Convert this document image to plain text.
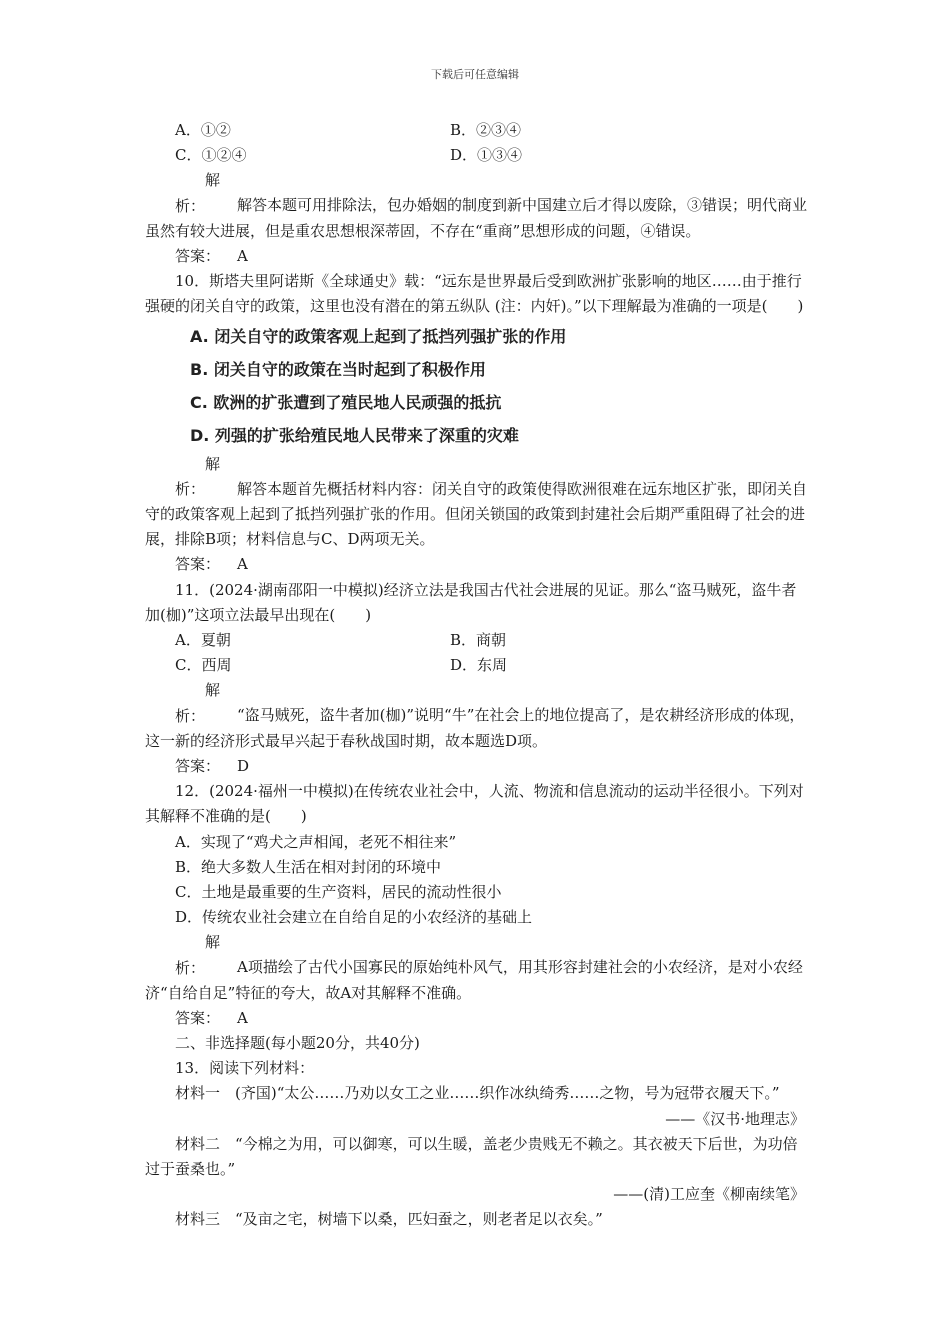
下载后可任意编辑
A．①②	B．②③④
C．①②④	D．①③④
解析： 解答本题可用排除法，包办婚姻的制度到新中国建立后才得以废除，③错误；明代商业虽然有较大进展，但是重农思想根深蒂固，不存在“重商”思想形成的问题，④错误。
答案： A
10．斯塔夫里阿诺斯《全球通史》载：“远东是世界最后受到欧洲扩张影响的地区……由于推行强硬的闭关自守的政策，这里也没有潜在的第五纵队 (注：内奸)。”以下理解最为准确的一项是(　　)
A. 闭关自守的政策客观上起到了抵挡列强扩张的作用
B. 闭关自守的政策在当时起到了积极作用
C. 欧洲的扩张遭到了殖民地人民顽强的抵抗
D. 列强的扩张给殖民地人民带来了深重的灾难
解析： 解答本题首先概括材料内容：闭关自守的政策使得欧洲很难在远东地区扩张，即闭关自守的政策客观上起到了抵挡列强扩张的作用。但闭关锁国的政策到封建社会后期严重阻碍了社会的进展，排除B项；材料信息与C、D两项无关。
答案： A
11．(2024·湖南邵阳一中模拟)经济立法是我国古代社会进展的见证。那么“盗马贼死，盗牛者加(枷)”这项立法最早出现在(　　)
A．夏朝	B．商朝
C．西周	D．东周
解析： “盗马贼死，盗牛者加(枷)”说明“牛”在社会上的地位提高了，是农耕经济形成的体现，这一新的经济形式最早兴起于春秋战国时期，故本题选D项。
答案： D
12．(2024·福州一中模拟)在传统农业社会中，人流、物流和信息流动的运动半径很小。下列对其解释不准确的是(　　)
A．实现了“鸡犬之声相闻，老死不相往来”
B．绝大多数人生活在相对封闭的环境中
C．土地是最重要的生产资料，居民的流动性很小
D．传统农业社会建立在自给自足的小农经济的基础上
解析： A项描绘了古代小国寡民的原始纯朴风气，用其形容封建社会的小农经济，是对小农经济“自给自足”特征的夸大，故A对其解释不准确。
答案： A
二、非选择题(每小题20分，共40分)
13．阅读下列材料：
材料一　(齐国)“太公……乃劝以女工之业……织作冰纨绮秀……之物，号为冠带衣履天下。”
——《汉书·地理志》
材料二　“今棉之为用，可以御寒，可以生暖，盖老少贵贱无不赖之。其衣被天下后世，为功倍过于蚕桑也。”
——(清)工应奎《柳南续笔》
材料三　“及亩之宅，树墙下以桑，匹妇蚕之，则老者足以衣矣。”
